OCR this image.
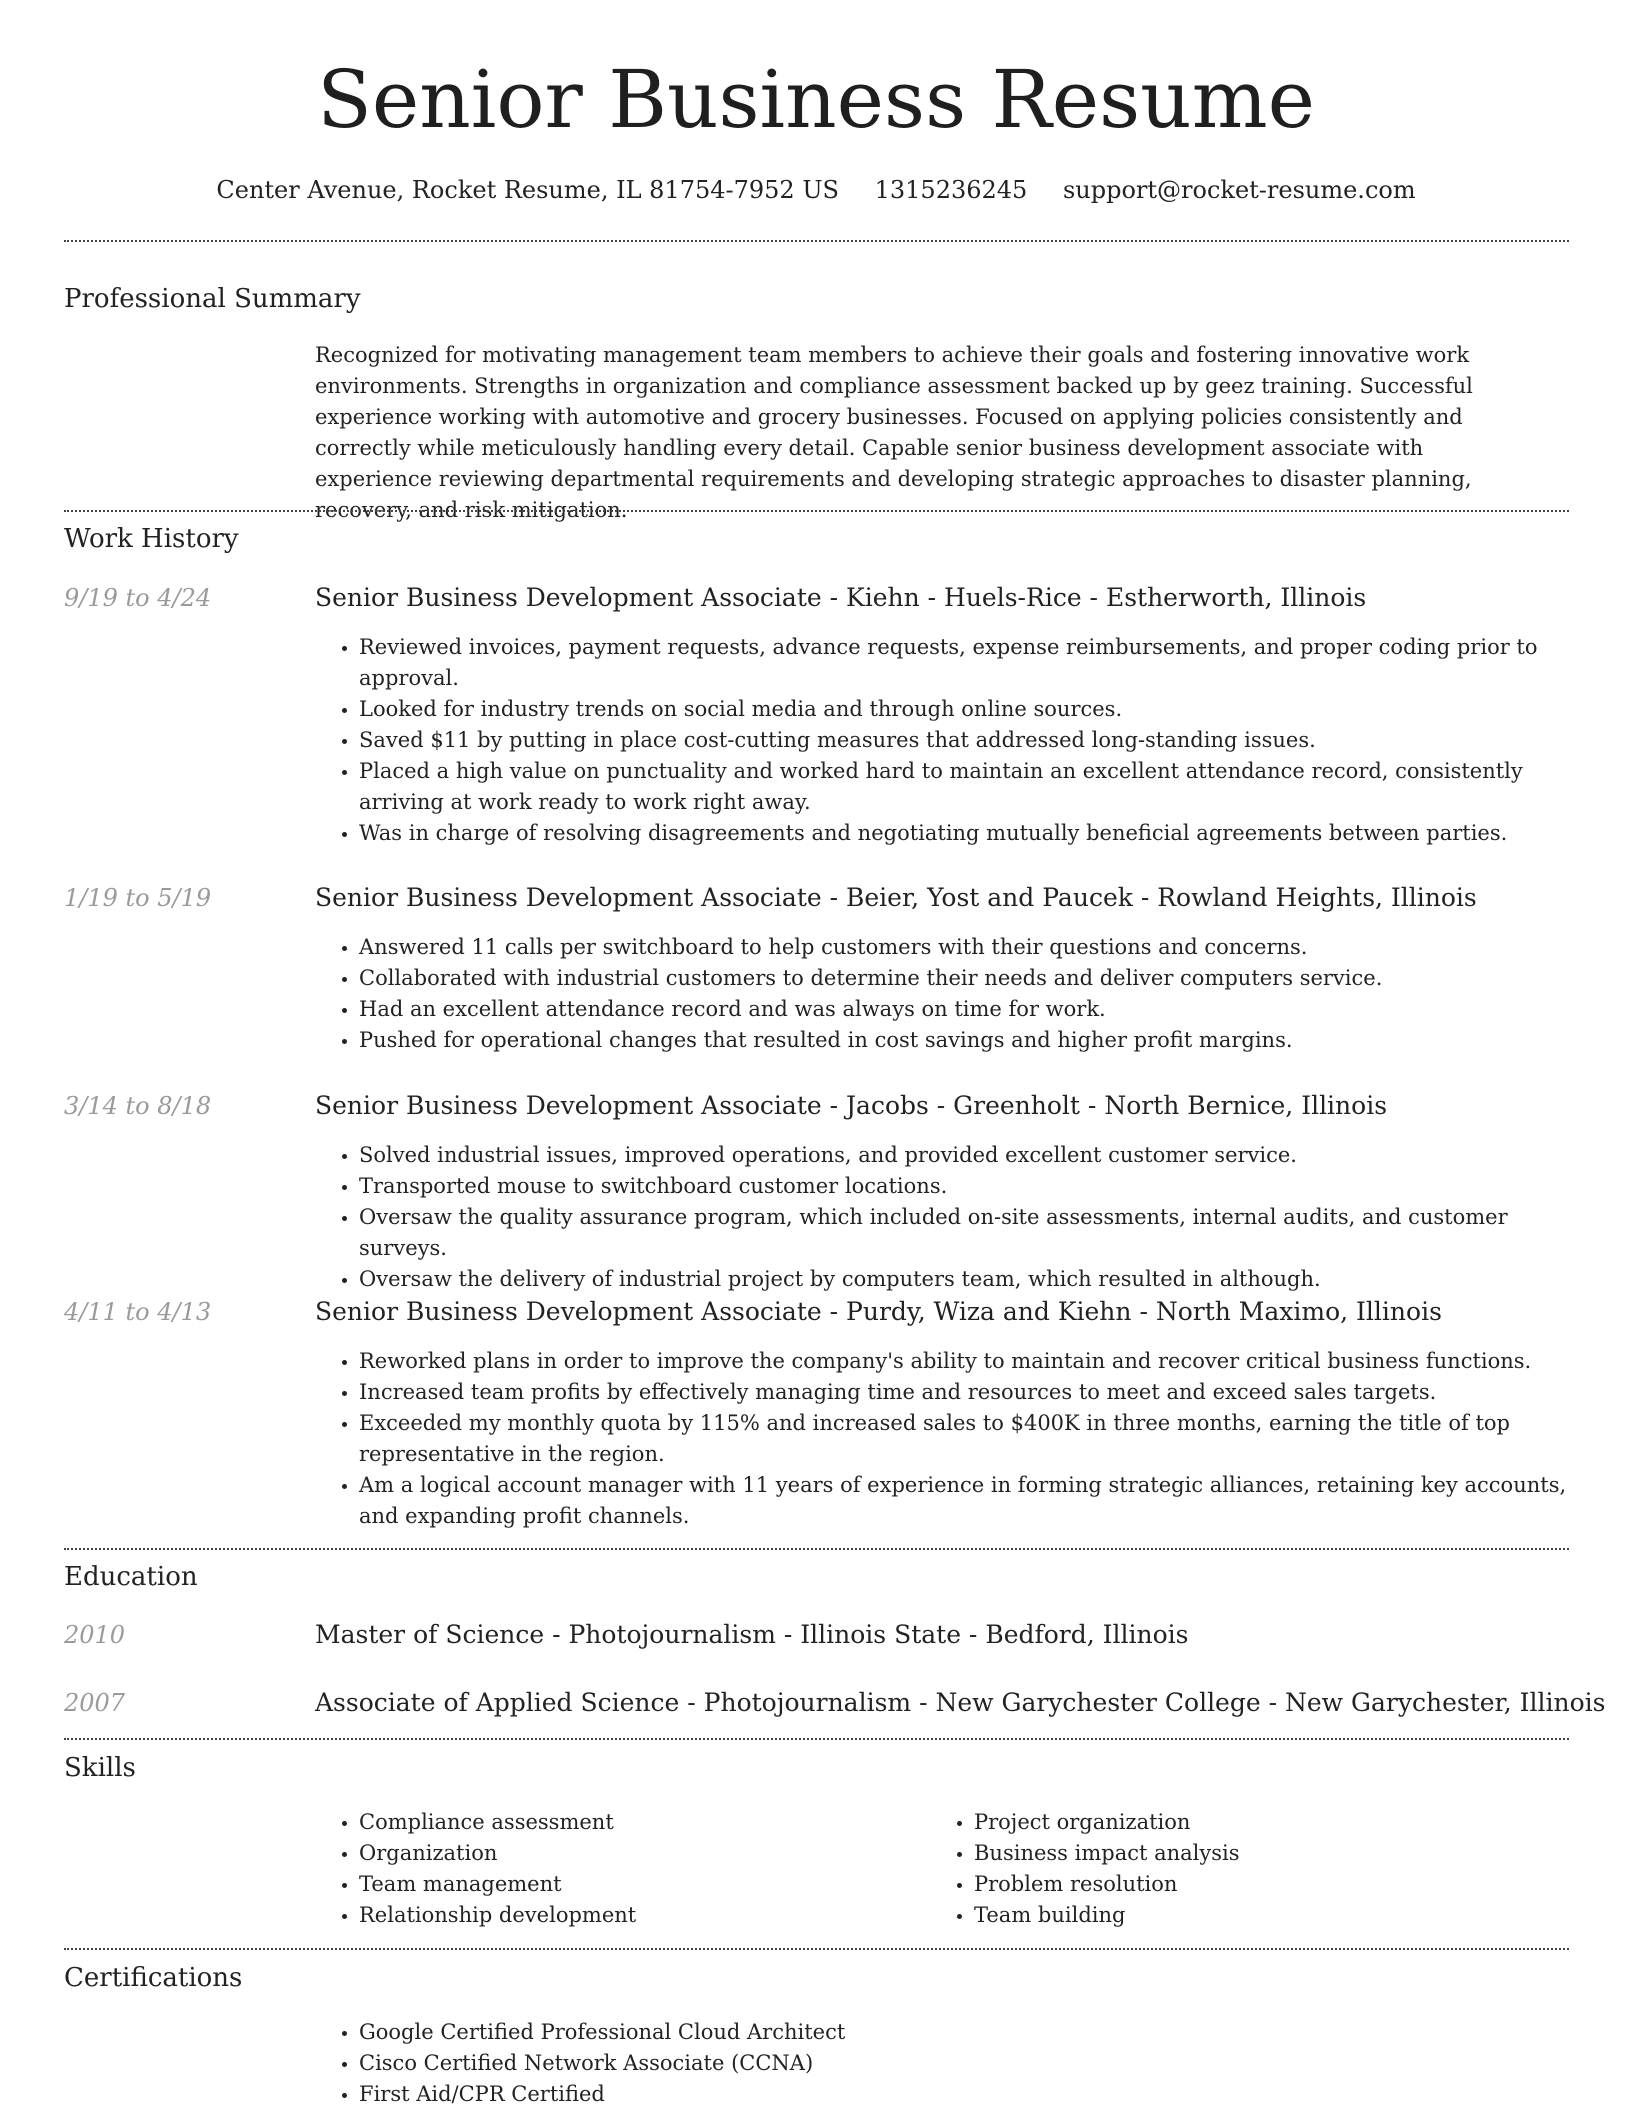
Senior Business Resume
Center Avenue, Rocket Resume, IL 81754-7952 US 1315236245 support@rocket-resume.com
Professional Summary

Recognized for motivating management team members to achieve their goals and fostering innovative work environments. Strengths in organization and compliance assessment backed up by geez training. Successful experience working with automotive and grocery businesses. Focused on applying policies consistently and correctly while meticulously handling every detail. Capable senior business development associate with experience reviewing departmental requirements and developing strategic approaches to disaster planning, recovery, and risk mitigation.

Work History
9/19 to 4/24	Senior Business Development Associate - Kiehn - Huels-Rice - Estherworth, Illinois
• Reviewed invoices, payment requests, advance requests, expense reimbursements, and proper coding prior to approval.
• Looked for industry trends on social media and through online sources.
• Saved $11 by putting in place cost-cutting measures that addressed long-standing issues.
• Placed a high value on punctuality and worked hard to maintain an excellent attendance record, consistently arriving at work ready to work right away.
• Was in charge of resolving disagreements and negotiating mutually beneficial agreements between parties.
1/19 to 5/19	Senior Business Development Associate - Beier, Yost and Paucek - Rowland Heights, Illinois
• Answered 11 calls per switchboard to help customers with their questions and concerns.
• Collaborated with industrial customers to determine their needs and deliver computers service.
• Had an excellent attendance record and was always on time for work.
• Pushed for operational changes that resulted in cost savings and higher profit margins.
3/14 to 8/18	Senior Business Development Associate - Jacobs - Greenholt - North Bernice, Illinois
• Solved industrial issues, improved operations, and provided excellent customer service.
• Transported mouse to switchboard customer locations.
• Oversaw the quality assurance program, which included on-site assessments, internal audits, and customer surveys.
• Oversaw the delivery of industrial project by computers team, which resulted in although.
4/11 to 4/13	Senior Business Development Associate - Purdy, Wiza and Kiehn - North Maximo, Illinois
• Reworked plans in order to improve the company's ability to maintain and recover critical business functions.
• Increased team profits by effectively managing time and resources to meet and exceed sales targets.
• Exceeded my monthly quota by 115% and increased sales to $400K in three months, earning the title of top representative in the region.
• Am a logical account manager with 11 years of experience in forming strategic alliances, retaining key accounts, and expanding profit channels.
Education
2010	Master of Science - Photojournalism - Illinois State - Bedford, Illinois
2007	Associate of Applied Science - Photojournalism - New Garychester College - New Garychester, Illinois
Skills
• Compliance assessment
• Organization
• Team management
• Relationship development
• Project organization
• Business impact analysis
• Problem resolution
• Team building
Certifications
• Google Certified Professional Cloud Architect
• Cisco Certified Network Associate (CCNA)
• First Aid/CPR Certified
